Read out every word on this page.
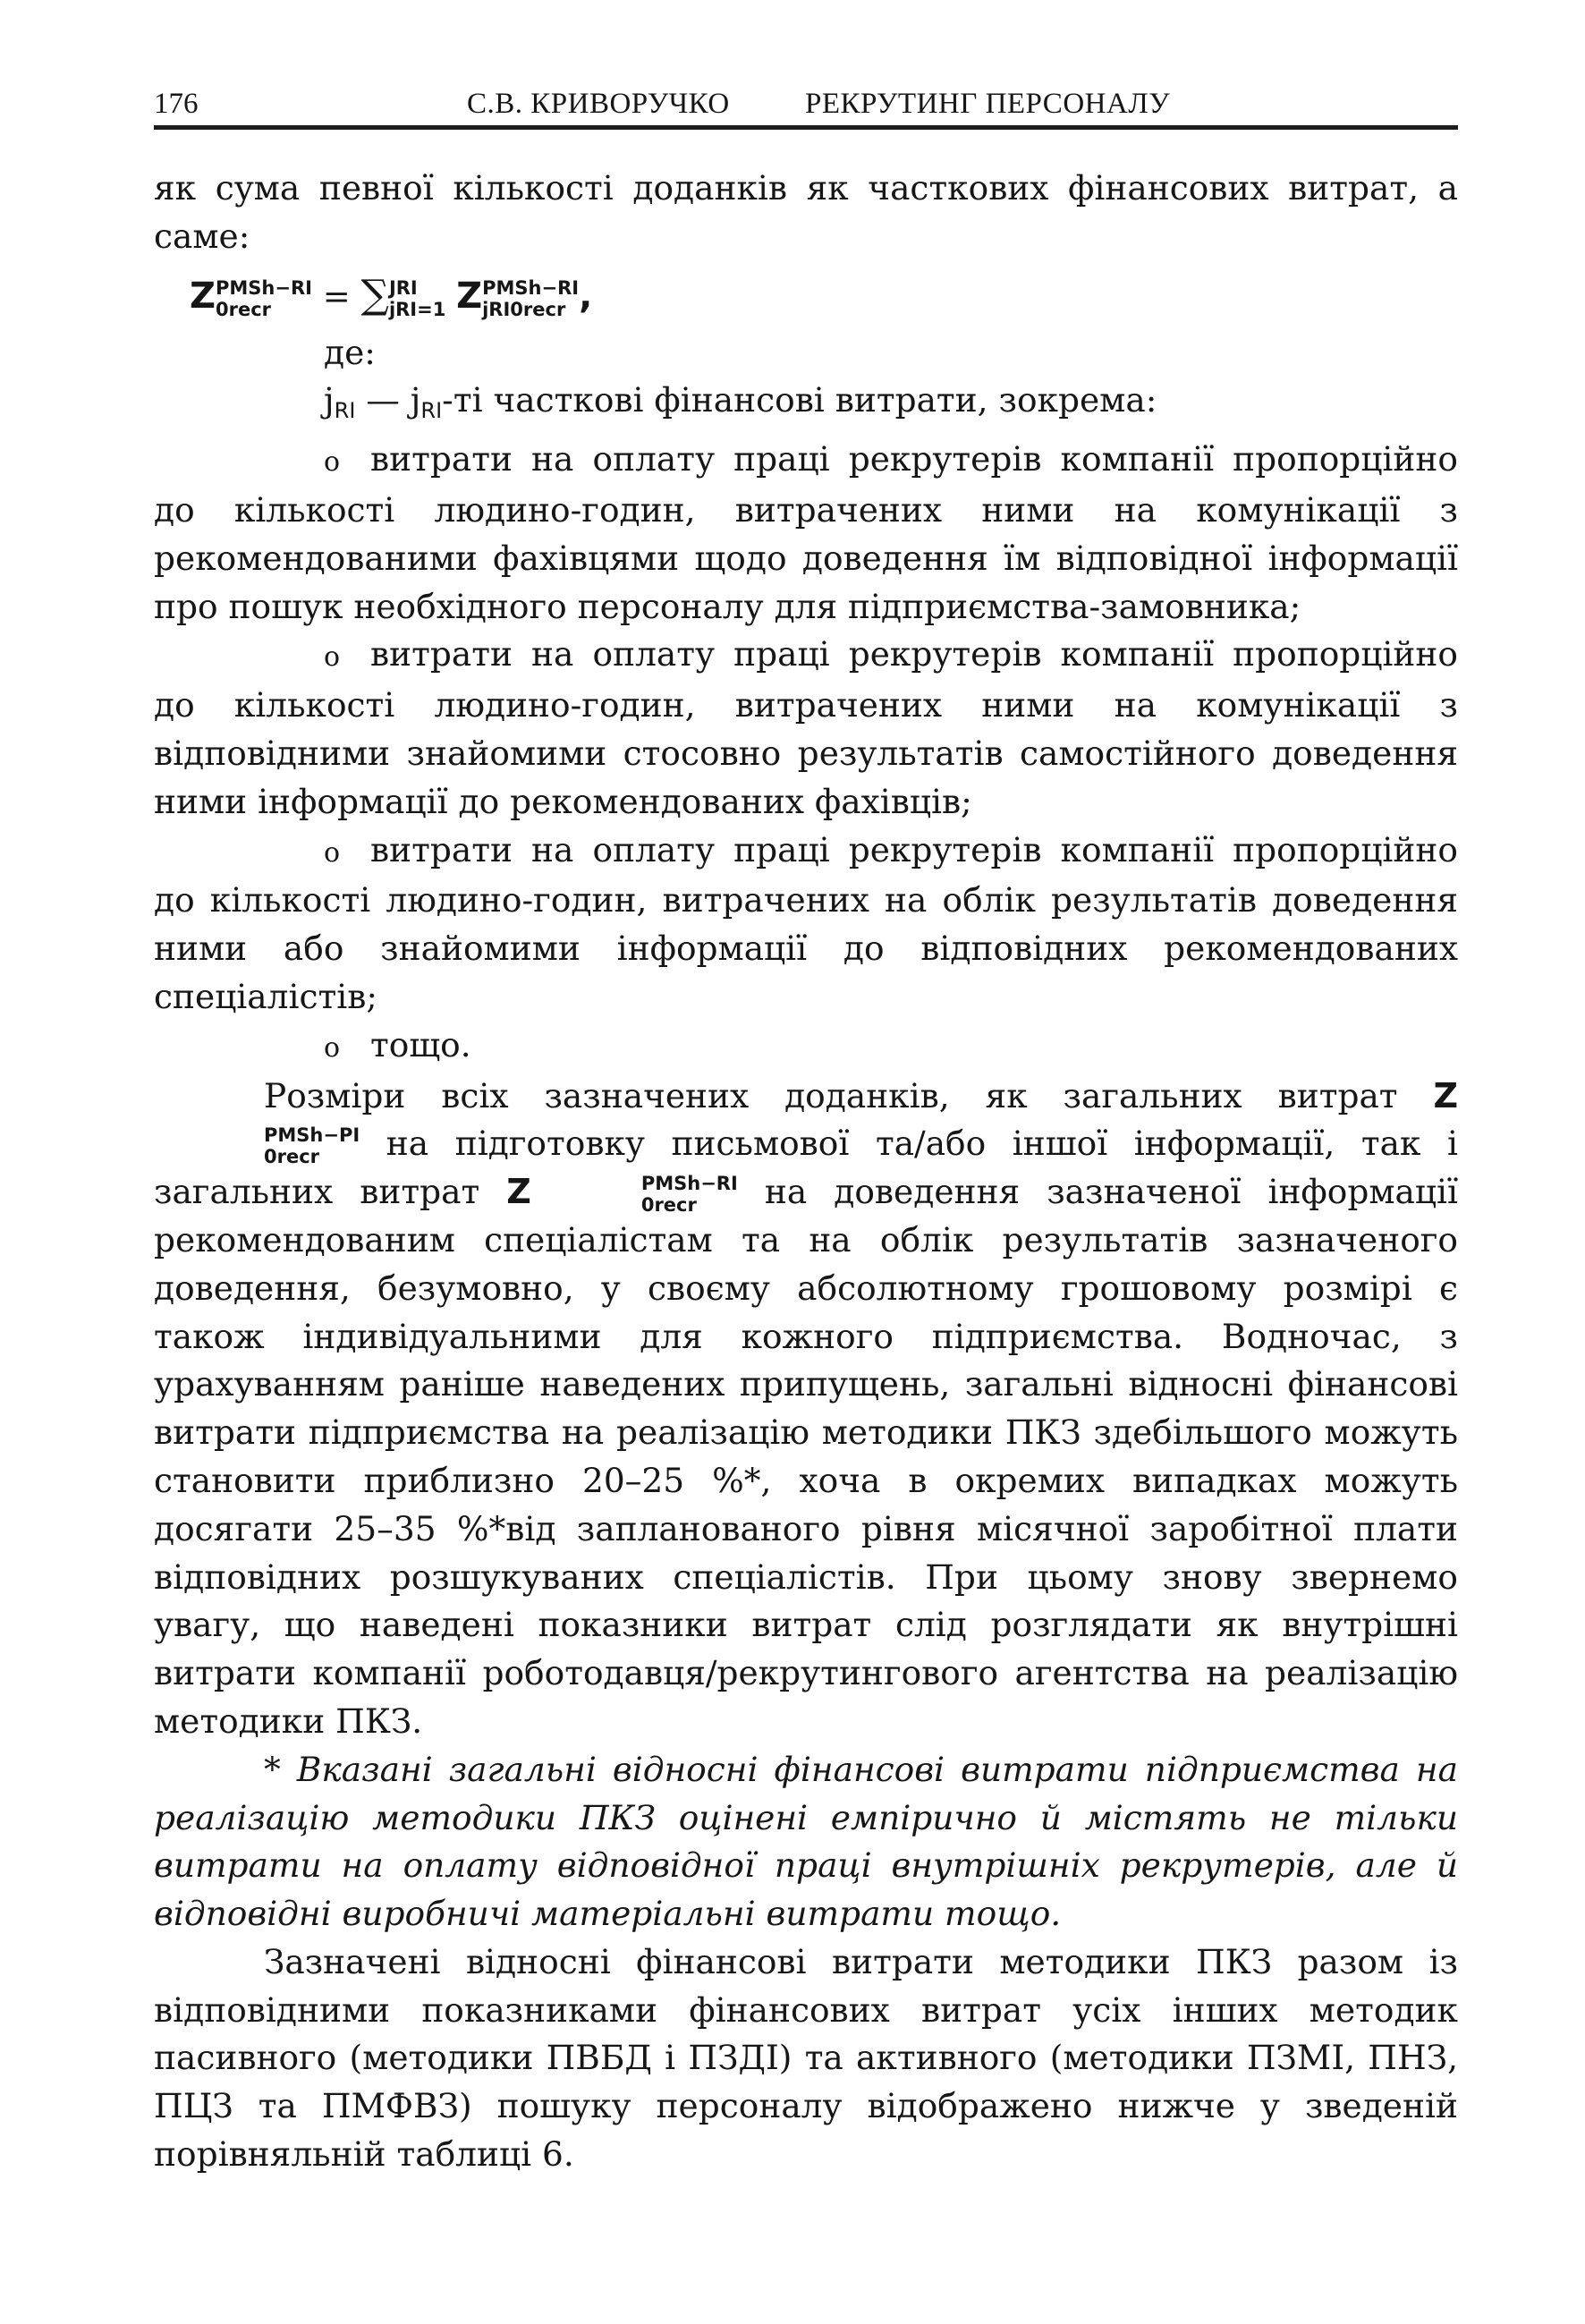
176	С.В. КРИВОРУЧКО	РЕКРУТИНГ ПЕРСОНАЛУ

як сума певної кількості доданків як часткових фінансових витрат, а саме:

Z PMSh−RI
0recr	= ∑ JRI
jRI=1 Z PMSh−RI
jRI0recr ,

де:

jRI — jRI-ті часткові фінансові витрати, зокрема:

o витрати на оплату праці рекрутерів компанії пропорційно до кількості людино-годин, витрачених ними на комунікації з рекомендованими фахівцями щодо доведення їм відповідної інформації про пошук необхідного персоналу для підприємства-замовника;

o витрати на оплату праці рекрутерів компанії пропорційно до кількості людино-годин, витрачених ними на комунікації з відповідними знайомими стосовно результатів самостійного доведення ними інформації до рекомендованих фахівців;

o витрати на оплату праці рекрутерів компанії пропорційно до кількості людино-годин, витрачених на облік результатів доведення ними або знайомими інформації до відповідних рекомендованих спеціалістів;

o тощо.

Розміри всіх зазначених доданків, як загальних витрат Z
PMSh−PI
0recr	на підготовку письмової та/або іншої інформації, так і загальних витрат Z	PMSh−RI
0recr	на доведення зазначеної інформації рекомендованим спеціалістам та на облік результатів зазначеного доведення, безумовно, у своєму абсолютному грошовому розмірі є також індивідуальними для кожного підприємства. Водночас, з урахуванням раніше наведених припущень, загальні відносні фінансові витрати підприємства на реалізацію методики ПКЗ здебільшого можуть становити приблизно 20–25 %*, хоча в окремих випадках можуть досягати 25–35 %*від запланованого рівня місячної заробітної плати відповідних розшукуваних спеціалістів. При цьому знову звернемо увагу, що наведені показники витрат слід розглядати як внутрішні витрати компанії роботодавця/рекрутингового агентства на реалізацію методики ПКЗ.

* Вказані загальні відносні фінансові витрати підприємства на реалізацію методики ПКЗ оцінені емпірично й містять не тільки витрати на оплату відповідної праці внутрішніх рекрутерів, але й відповідні виробничі матеріальні витрати тощо.

Зазначені відносні фінансові витрати методики ПКЗ разом із відповідними показниками фінансових витрат усіх інших методик пасивного (методики ПВБД і ПЗДІ) та активного (методики ПЗМІ, ПНЗ, ПЦЗ та ПМФВЗ) пошуку персоналу відображено нижче у зведеній порівняльній таблиці 6.
